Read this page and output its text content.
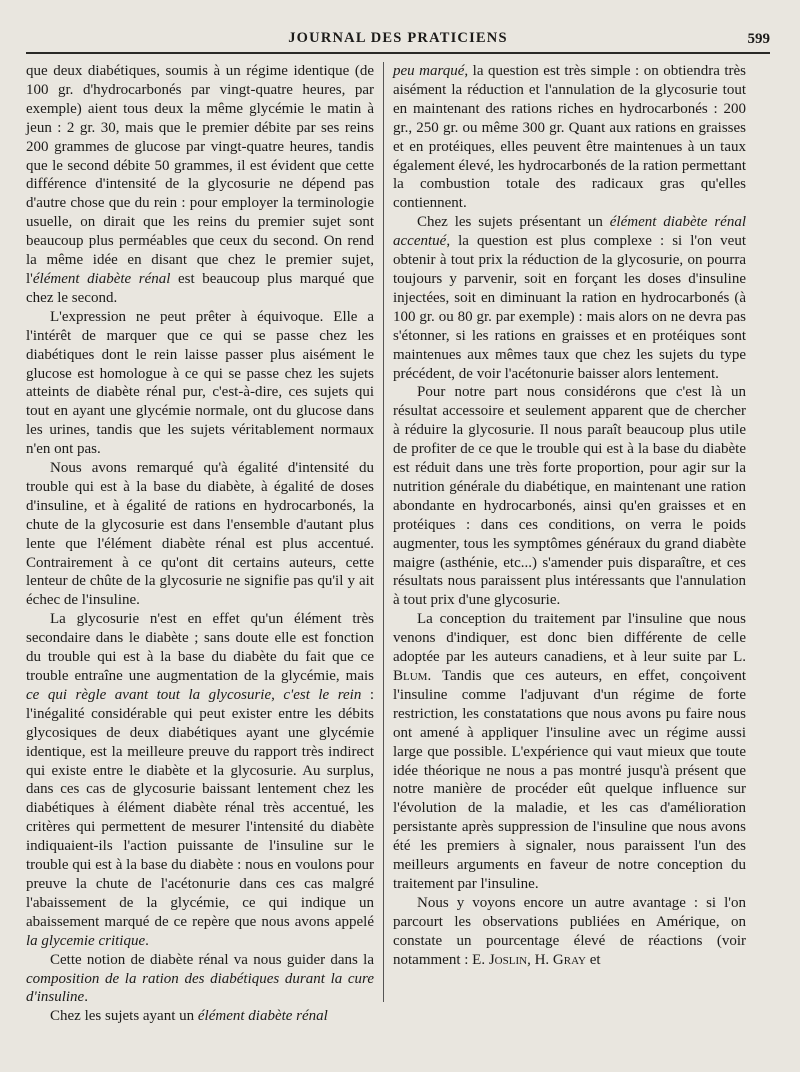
JOURNAL DES PRATICIENS	599

que deux diabétiques, soumis à un régime identique (de 100 gr. d'hydrocarbonés par vingt-quatre heures, par exemple) aient tous deux la même glycémie le matin à jeun : 2 gr. 30, mais que le premier débite par ses reins 200 grammes de glucose par vingt-quatre heures, tandis que le second débite 50 grammes, il est évident que cette différence d'intensité de la glycosurie ne dépend pas d'autre chose que du rein : pour employer la terminologie usuelle, on dirait que les reins du premier sujet sont beaucoup plus perméables que ceux du second. On rend la même idée en disant que chez le premier sujet, l'élément diabète rénal est beaucoup plus marqué que chez le second.

L'expression ne peut prêter à équivoque. Elle a l'intérêt de marquer que ce qui se passe chez les diabétiques dont le rein laisse passer plus aisément le glucose est homologue à ce qui se passe chez les sujets atteints de diabète rénal pur, c'est-à-dire, ces sujets qui tout en ayant une glycémie normale, ont du glucose dans les urines, tandis que les sujets véritablement normaux n'en ont pas.

Nous avons remarqué qu'à égalité d'intensité du trouble qui est à la base du diabète, à égalité de doses d'insuline, et à égalité de rations en hydrocarbonés, la chute de la glycosurie est dans l'ensemble d'autant plus lente que l'élément diabète rénal est plus accentué. Contrairement à ce qu'ont dit certains auteurs, cette lenteur de chûte de la glycosurie ne signifie pas qu'il y ait échec de l'insuline.

La glycosurie n'est en effet qu'un élément très secondaire dans le diabète ; sans doute elle est fonction du trouble qui est à la base du diabète du fait que ce trouble entraîne une augmentation de la glycémie, mais ce qui règle avant tout la glycosurie, c'est le rein : l'inégalité considérable qui peut exister entre les débits glycosiques de deux diabétiques ayant une glycémie identique, est la meilleure preuve du rapport très indirect qui existe entre le diabète et la glycosurie. Au surplus, dans ces cas de glycosurie baissant lentement chez les diabétiques à élément diabète rénal très accentué, les critères qui permettent de mesurer l'intensité du diabète indiquaient-ils l'action puissante de l'insuline sur le trouble qui est à la base du diabète : nous en voulons pour preuve la chute de l'acétonurie dans ces cas malgré l'abaissement de la glycémie, ce qui indique un abaissement marqué de ce repère que nous avons appelé la glycemie critique.

Cette notion de diabète rénal va nous guider dans la composition de la ration des diabétiques durant la cure d'insuline.

Chez les sujets ayant un élément diabète rénal

peu marqué, la question est très simple : on obtiendra très aisément la réduction et l'annulation de la glycosurie tout en maintenant des rations riches en hydrocarbonés : 200 gr., 250 gr. ou même 300 gr. Quant aux rations en graisses et en protéiques, elles peuvent être maintenues à un taux également élevé, les hydrocarbonés de la ration permettant la combustion totale des radicaux gras qu'elles contiennent.

Chez les sujets présentant un élément diabète rénal accentué, la question est plus complexe : si l'on veut obtenir à tout prix la réduction de la glycosurie, on pourra toujours y parvenir, soit en forçant les doses d'insuline injectées, soit en diminuant la ration en hydrocarbonés (à 100 gr. ou 80 gr. par exemple) : mais alors on ne devra pas s'étonner, si les rations en graisses et en protéiques sont maintenues aux mêmes taux que chez les sujets du type précédent, de voir l'acétonurie baisser alors lentement.

Pour notre part nous considérons que c'est là un résultat accessoire et seulement apparent que de chercher à réduire la glycosurie. Il nous paraît beaucoup plus utile de profiter de ce que le trouble qui est à la base du diabète est réduit dans une très forte proportion, pour agir sur la nutrition générale du diabétique, en maintenant une ration abondante en hydrocarbonés, ainsi qu'en graisses et en protéiques : dans ces conditions, on verra le poids augmenter, tous les symptômes généraux du grand diabète maigre (asthénie, etc...) s'amender puis disparaître, et ces résultats nous paraissent plus intéressants que l'annulation à tout prix d'une glycosurie.

La conception du traitement par l'insuline que nous venons d'indiquer, est donc bien différente de celle adoptée par les auteurs canadiens, et à leur suite par L. Blum. Tandis que ces auteurs, en effet, conçoivent l'insuline comme l'adjuvant d'un régime de forte restriction, les constatations que nous avons pu faire nous ont amené à appliquer l'insuline avec un régime aussi large que possible. L'expérience qui vaut mieux que toute idée théorique ne nous a pas montré jusqu'à présent que notre manière de procéder eût quelque influence sur l'évolution de la maladie, et les cas d'amélioration persistante après suppression de l'insuline que nous avons été les premiers à signaler, nous paraissent l'un des meilleurs arguments en faveur de notre conception du traitement par l'insuline.

Nous y voyons encore un autre avantage : si l'on parcourt les observations publiées en Amérique, on constate un pourcentage élevé de réactions (voir notamment : E. Joslin, H. Gray et
